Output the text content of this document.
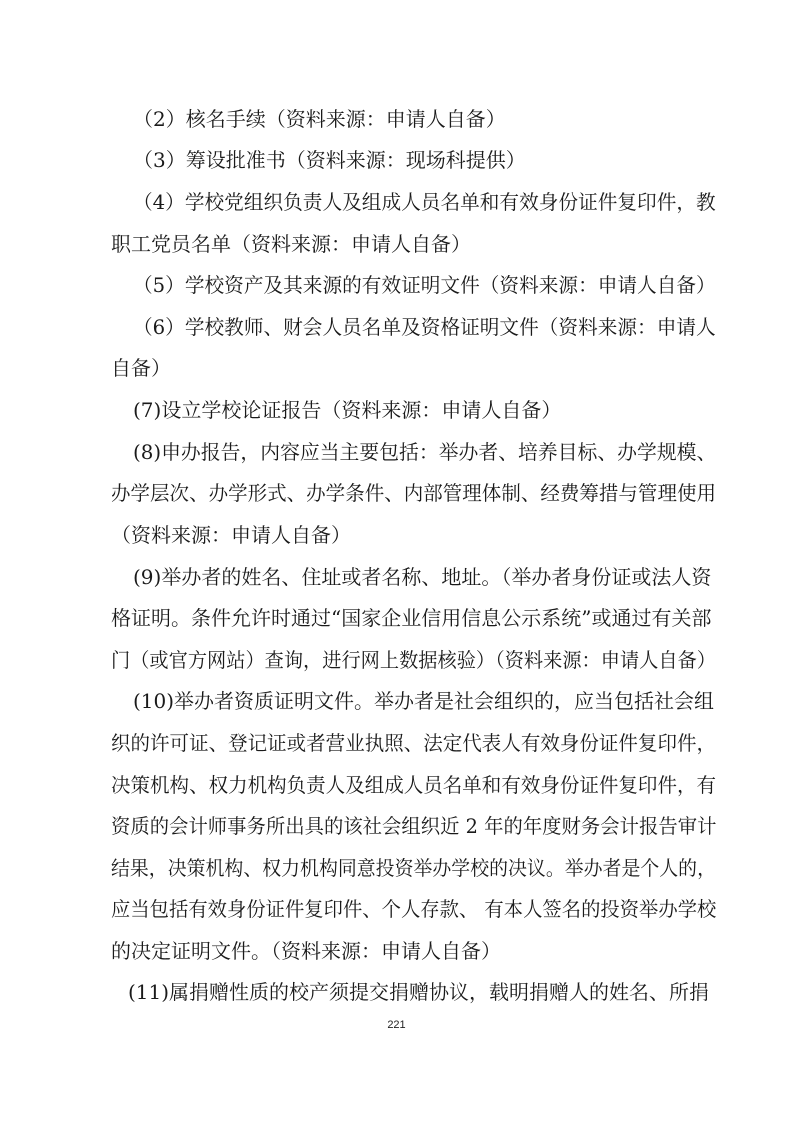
（2）核名手续（资料来源：申请人自备）
（3）筹设批准书（资料来源：现场科提供）
（4）学校党组织负责人及组成人员名单和有效身份证件复印件，教
职工党员名单（资料来源：申请人自备）
（5）学校资产及其来源的有效证明文件（资料来源：申请人自备）
（6）学校教师、财会人员名单及资格证明文件（资料来源：申请人
自备）
(7)设立学校论证报告（资料来源：申请人自备）
(8)申办报告，内容应当主要包括：举办者、培养目标、办学规模、
办学层次、办学形式、办学条件、内部管理体制、经费筹措与管理使用
（资料来源：申请人自备）
(9)举办者的姓名、住址或者名称、地址。（举办者身份证或法人资
格证明。条件允许时通过“国家企业信用信息公示系统”或通过有关部
门（或官方网站）查询，进行网上数据核验）（资料来源：申请人自备）
(10)举办者资质证明文件。举办者是社会组织的，应当包括社会组
织的许可证、登记证或者营业执照、法定代表人有效身份证件复印件，
决策机构、权力机构负责人及组成人员名单和有效身份证件复印件，有
资质的会计师事务所出具的该社会组织近 2 年的年度财务会计报告审计
结果，决策机构、权力机构同意投资举办学校的决议。举办者是个人的，
应当包括有效身份证件复印件、个人存款、 有本人签名的投资举办学校
的决定证明文件。（资料来源：申请人自备）
(11)属捐赠性质的校产须提交捐赠协议，载明捐赠人的姓名、所捐
221
